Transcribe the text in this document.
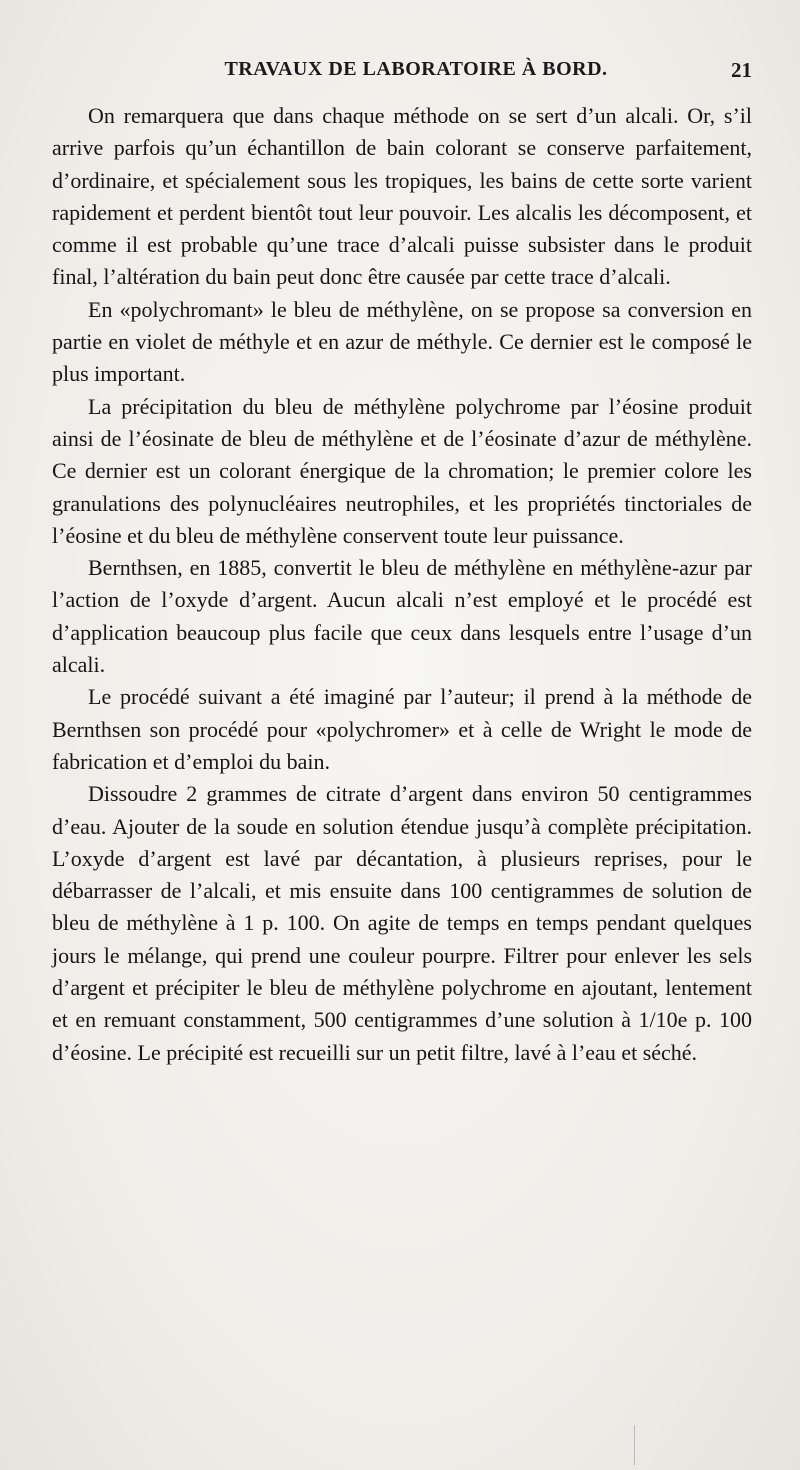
TRAVAUX DE LABORATOIRE À BORD.	21

On remarquera que dans chaque méthode on se sert d’un alcali. Or, s’il arrive parfois qu’un échantillon de bain colorant se conserve parfaitement, d’ordinaire, et spécialement sous les tropiques, les bains de cette sorte varient rapidement et perdent bientôt tout leur pouvoir. Les alcalis les décomposent, et comme il est probable qu’une trace d’alcali puisse subsister dans le produit final, l’altération du bain peut donc être causée par cette trace d’alcali.

En «polychromant» le bleu de méthylène, on se propose sa conversion en partie en violet de méthyle et en azur de méthyle. Ce dernier est le composé le plus important.

La précipitation du bleu de méthylène polychrome par l’éosine produit ainsi de l’éosinate de bleu de méthylène et de l’éosinate d’azur de méthylène. Ce dernier est un colorant énergique de la chromation; le premier colore les granulations des polynucléaires neutrophiles, et les propriétés tinctoriales de l’éosine et du bleu de méthylène conservent toute leur puissance.

Bernthsen, en 1885, convertit le bleu de méthylène en méthylène-azur par l’action de l’oxyde d’argent. Aucun alcali n’est employé et le procédé est d’application beaucoup plus facile que ceux dans lesquels entre l’usage d’un alcali.

Le procédé suivant a été imaginé par l’auteur; il prend à la méthode de Bernthsen son procédé pour «polychromer» et à celle de Wright le mode de fabrication et d’emploi du bain.

Dissoudre 2 grammes de citrate d’argent dans environ 50 centigrammes d’eau. Ajouter de la soude en solution étendue jusqu’à complète précipitation. L’oxyde d’argent est lavé par décantation, à plusieurs reprises, pour le débarrasser de l’alcali, et mis ensuite dans 100 centigrammes de solution de bleu de méthylène à 1 p. 100. On agite de temps en temps pendant quelques jours le mélange, qui prend une couleur pourpre. Filtrer pour enlever les sels d’argent et précipiter le bleu de méthylène polychrome en ajoutant, lentement et en remuant constamment, 500 centigrammes d’une solution à 1/10e p. 100 d’éosine. Le précipité est recueilli sur un petit filtre, lavé à l’eau et séché.
